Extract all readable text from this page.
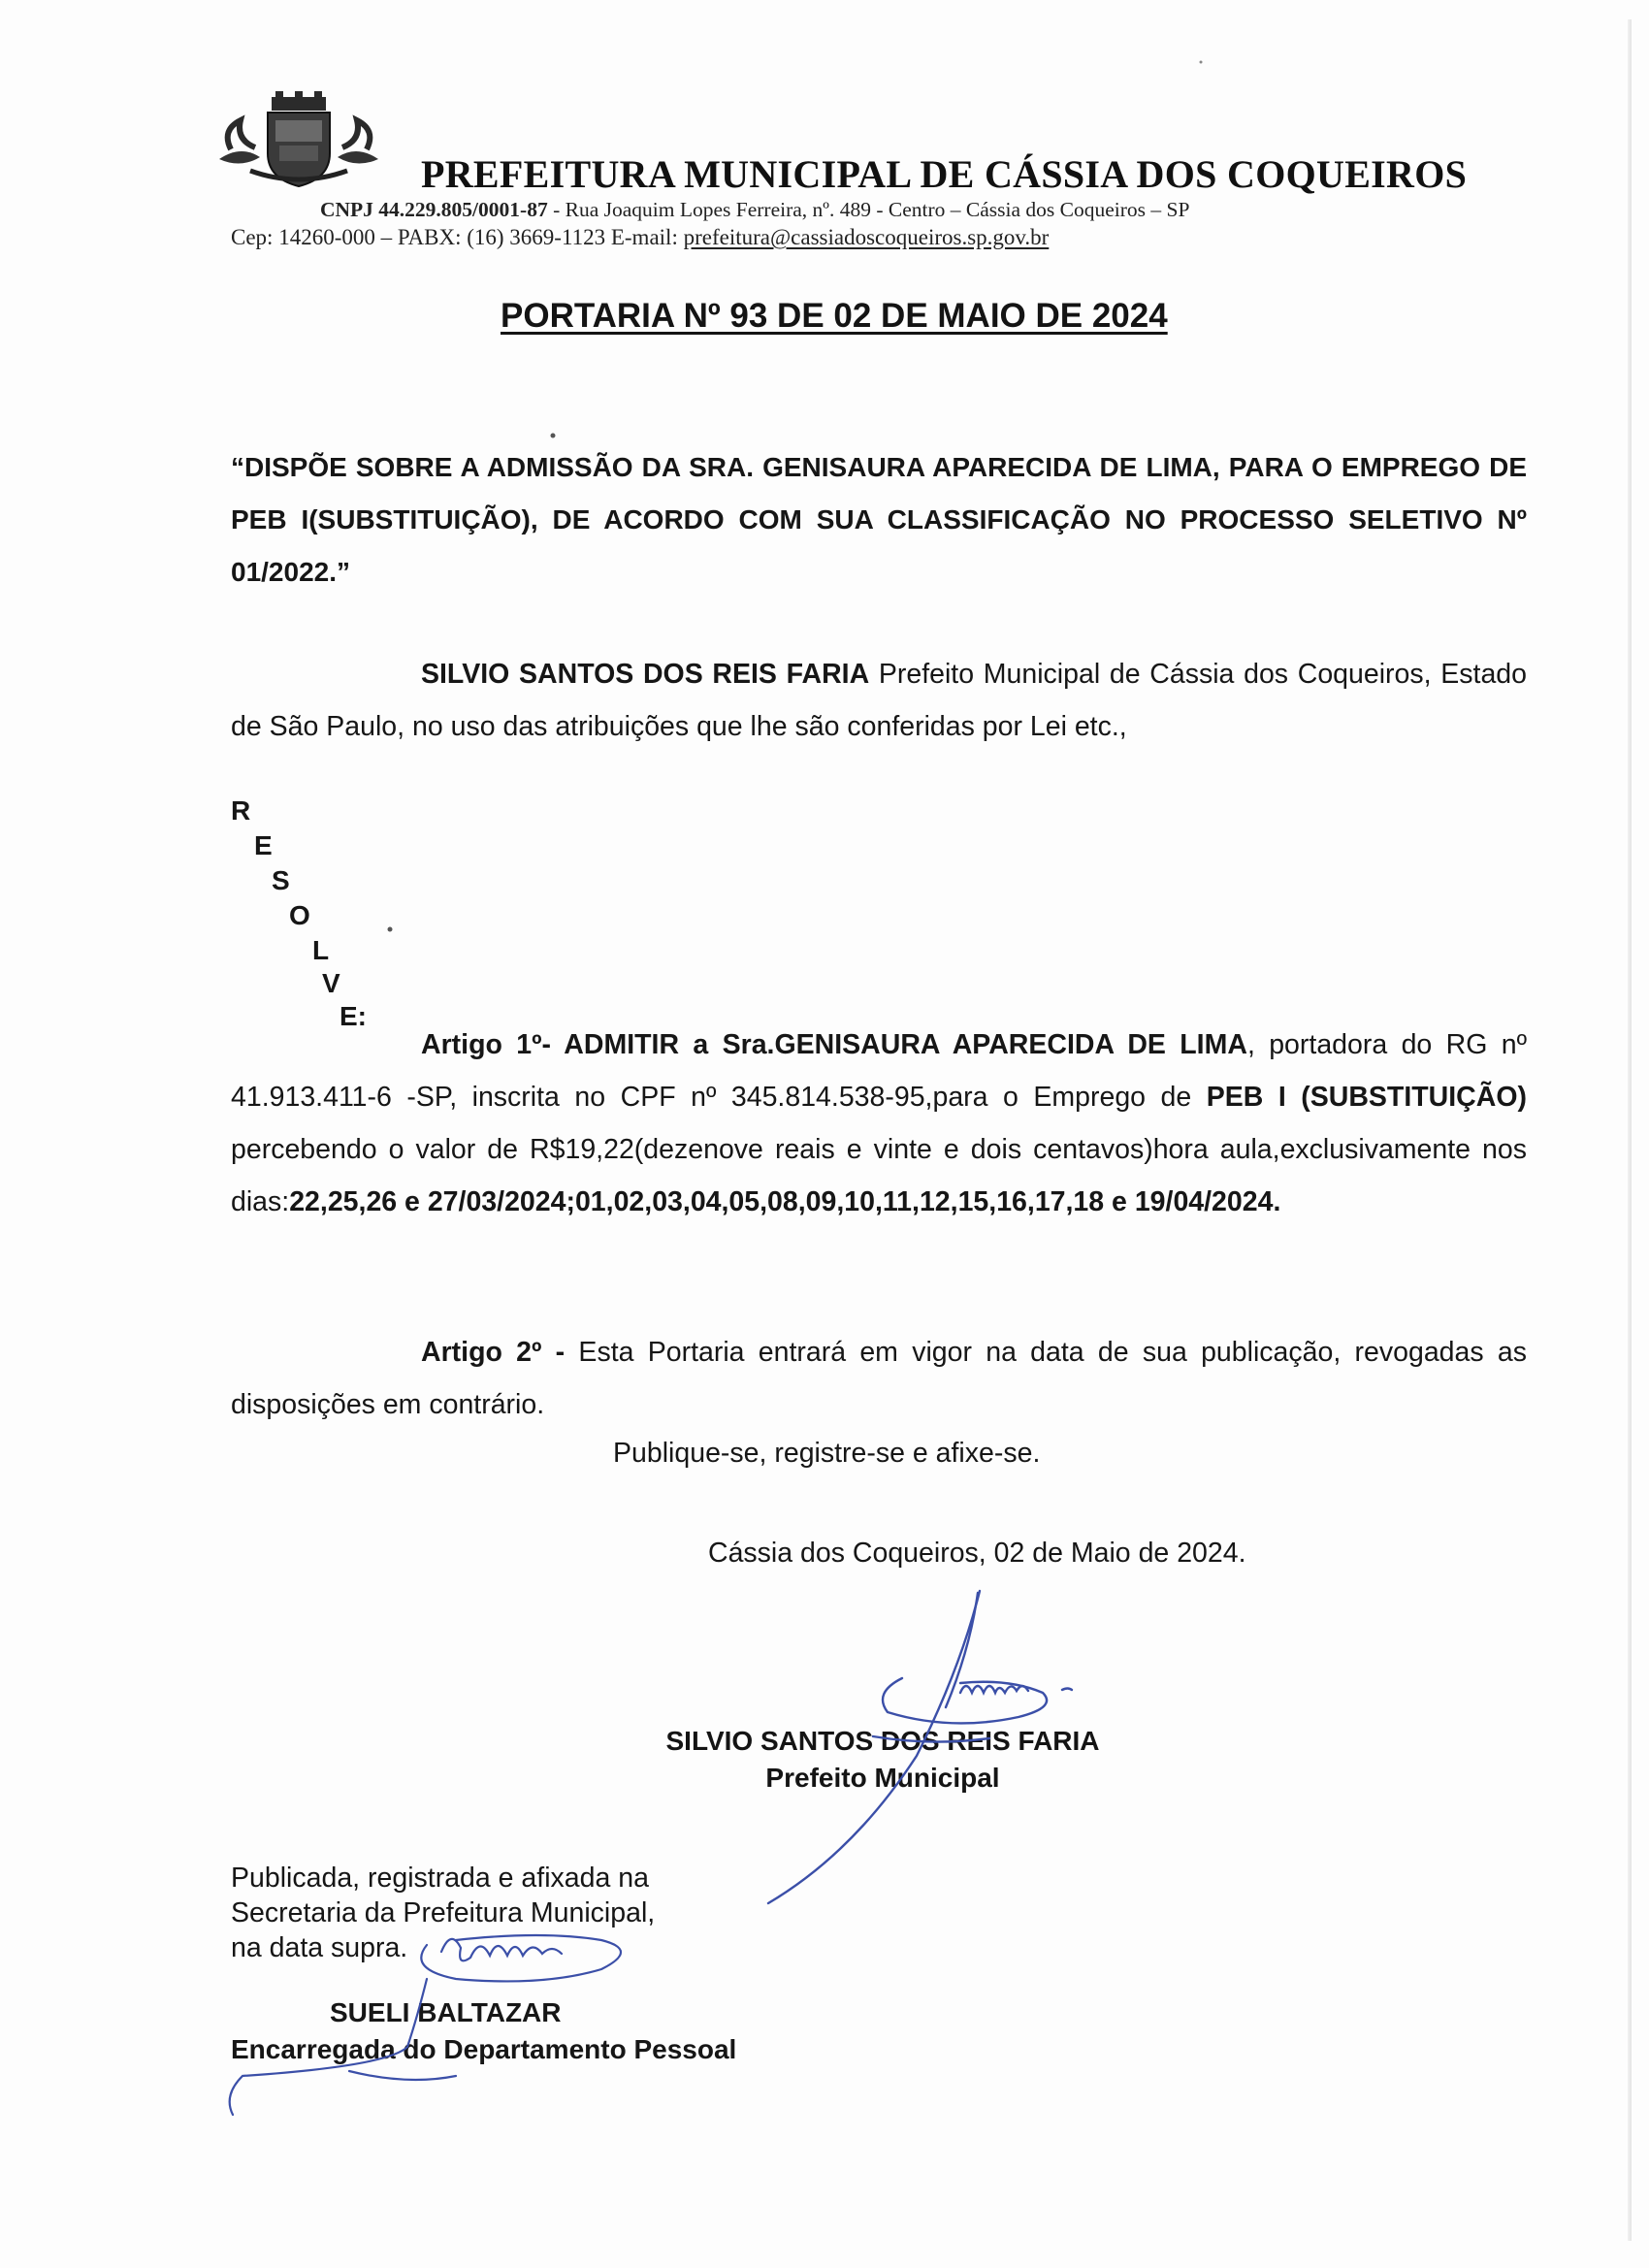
PREFEITURA MUNICIPAL DE CÁSSIA DOS COQUEIROS
CNPJ 44.229.805/0001-87 - Rua Joaquim Lopes Ferreira, nº. 489 - Centro – Cássia dos Coqueiros – SP
Cep: 14260-000 – PABX: (16) 3669-1123 E-mail: prefeitura@cassiadoscoqueiros.sp.gov.br
PORTARIA Nº 93 DE 02 DE MAIO DE 2024
“DISPÕE SOBRE A ADMISSÃO DA SRA. GENISAURA APARECIDA DE LIMA, PARA O EMPREGO DE PEB I(SUBSTITUIÇÃO), DE ACORDO COM SUA CLASSIFICAÇÃO NO PROCESSO SELETIVO Nº 01/2022.”
SILVIO SANTOS DOS REIS FARIA Prefeito Municipal de Cássia dos Coqueiros, Estado de São Paulo, no uso das atribuições que lhe são conferidas por Lei etc.,
R
E
S
O
L
V
E:
Artigo 1º- ADMITIR a Sra.GENISAURA APARECIDA DE LIMA, portadora do RG nº 41.913.411-6 -SP, inscrita no CPF nº 345.814.538-95,para o Emprego de PEB I (SUBSTITUIÇÃO) percebendo o valor de R$19,22(dezenove reais e vinte e dois centavos)hora aula,exclusivamente nos dias:22,25,26 e 27/03/2024;01,02,03,04,05,08,09,10,11,12,15,16,17,18 e 19/04/2024.
Artigo 2º - Esta Portaria entrará em vigor na data de sua publicação, revogadas as disposições em contrário.
Publique-se, registre-se e afixe-se.
Cássia dos Coqueiros, 02 de Maio de 2024.
SILVIO SANTOS DOS REIS FARIA
Prefeito Municipal
Publicada, registrada e afixada na
Secretaria da Prefeitura Municipal,
na data supra.
SUELI BALTAZAR
Encarregada do Departamento Pessoal
